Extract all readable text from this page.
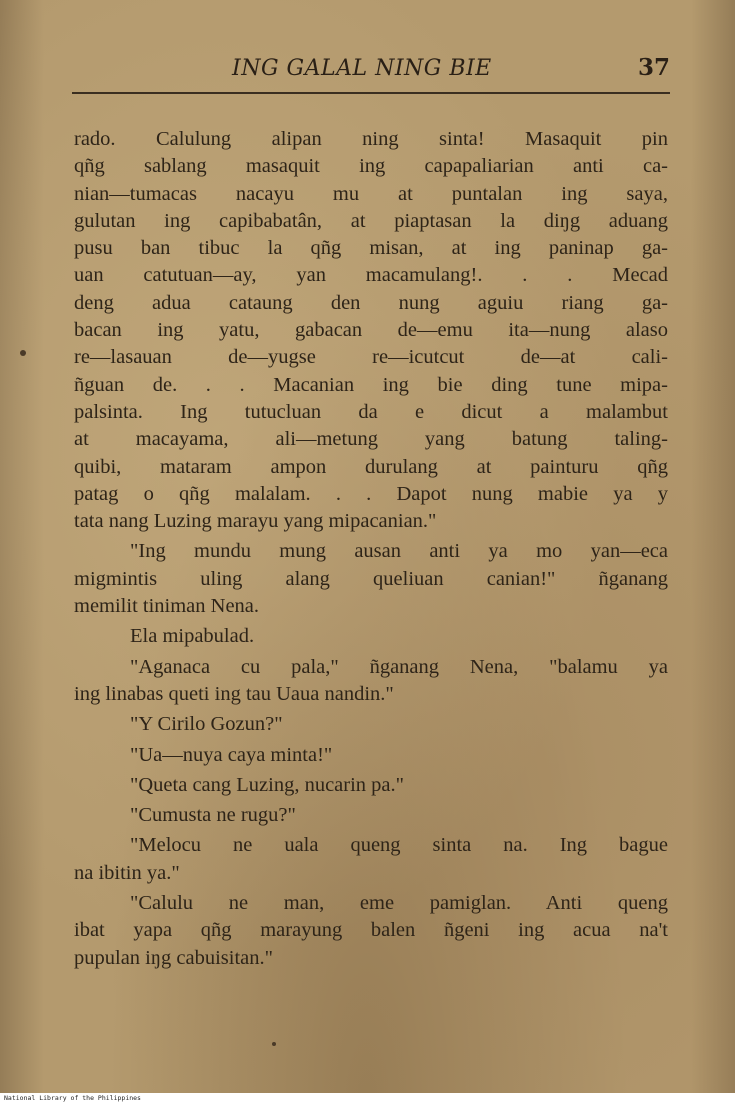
ING GALAL NING BIE	37
rado. Calulung alipan ning sinta! Masaquit pin
qñg sablang masaquit ing capapaliarian anti ca-
nian—tumacas nacayu mu at puntalan ing saya,
gulutan ing capibabatân, at piaptasan la diŋg aduang
pusu ban tibuc la qñg misan, at ing paninap ga-
uan catutuan—ay, yan macamulang!. . . Mecad
deng adua cataung den nung aguiu riang ga-
bacan ing yatu, gabacan de—emu ita—nung alaso
re—lasauan de—yugse re—icutcut de—at cali-
ñguan de. . . Macanian ing bie ding tune mipa-
palsinta. Ing tutucluan da e dicut a malambut
at macayama, ali—metung yang batung taling-
quibi, mataram ampon durulang at painturu qñg
patag o qñg malalam. . . Dapot nung mabie ya y
tata nang Luzing marayu yang mipacanian."
"Ing mundu mung ausan anti ya mo yan—eca
migmintis uling alang queliuan canian!" ñganang
memilit tiniman Nena.
Ela mipabulad.
"Aganaca cu pala," ñganang Nena, "balamu ya
ing linabas queti ing tau Uaua nandin."
"Y Cirilo Gozun?"
"Ua—nuya caya minta!"
"Queta cang Luzing, nucarin pa."
"Cumusta ne rugu?"
"Melocu ne uala queng sinta na. Ing bague
na ibitin ya."
"Calulu ne man, eme pamiglan. Anti queng
ibat yapa qñg marayung balen ñgeni ing acua na't
pupulan iŋg cabuisitan."
National Library of the Philippines
